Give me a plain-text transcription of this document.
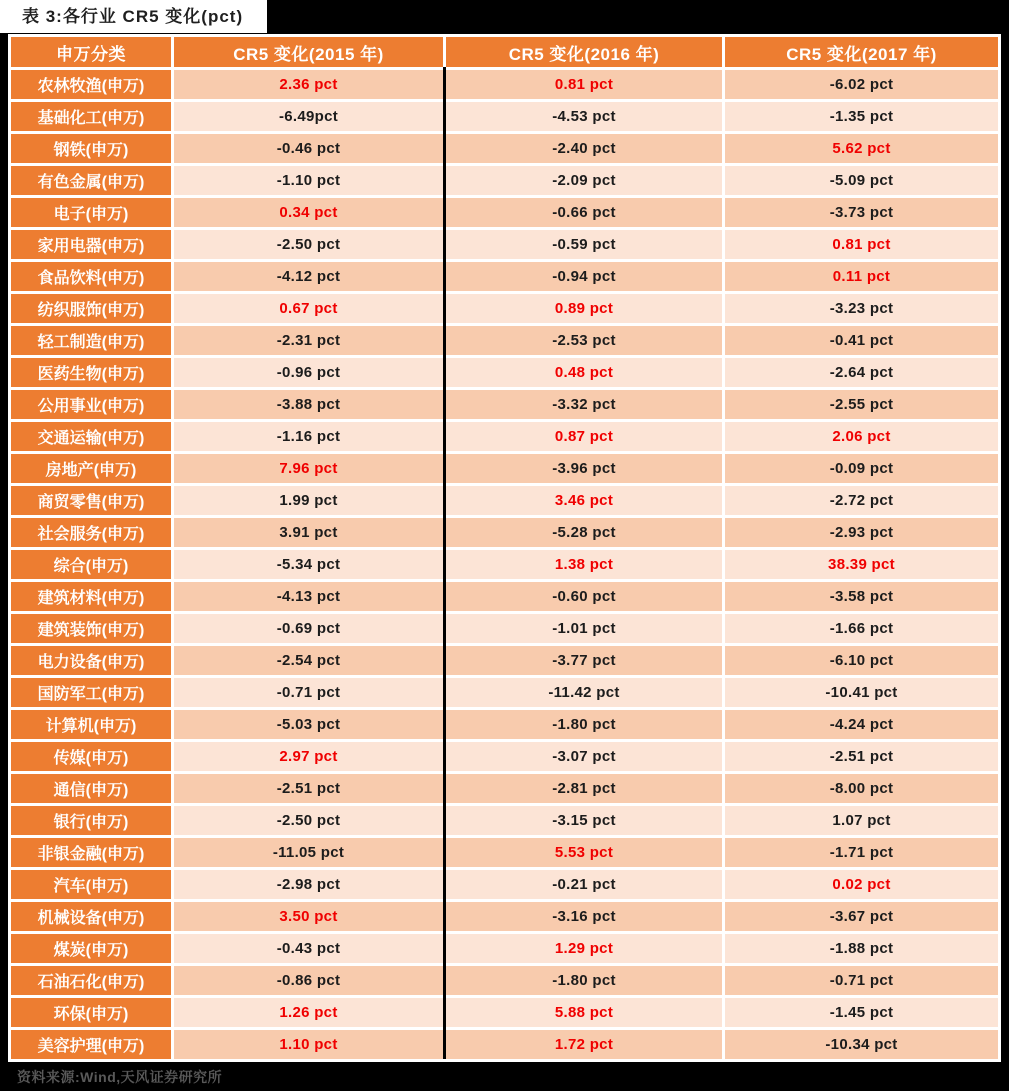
表 3:各行业 CR5 变化(pct)
申万分类	CR5 变化(2015 年)	CR5 变化(2016 年)	CR5 变化(2017 年)
农林牧渔(申万)	2.36 pct	0.81 pct	-6.02 pct
基础化工(申万)	-6.49pct	-4.53 pct	-1.35 pct
钢铁(申万)	-0.46 pct	-2.40 pct	5.62 pct
有色金属(申万)	-1.10 pct	-2.09 pct	-5.09 pct
电子(申万)	0.34 pct	-0.66 pct	-3.73 pct
家用电器(申万)	-2.50 pct	-0.59 pct	0.81 pct
食品饮料(申万)	-4.12 pct	-0.94 pct	0.11 pct
纺织服饰(申万)	0.67 pct	0.89 pct	-3.23 pct
轻工制造(申万)	-2.31 pct	-2.53 pct	-0.41 pct
医药生物(申万)	-0.96 pct	0.48 pct	-2.64 pct
公用事业(申万)	-3.88 pct	-3.32 pct	-2.55 pct
交通运输(申万)	-1.16 pct	0.87 pct	2.06 pct
房地产(申万)	7.96 pct	-3.96 pct	-0.09 pct
商贸零售(申万)	1.99 pct	3.46 pct	-2.72 pct
社会服务(申万)	3.91 pct	-5.28 pct	-2.93 pct
综合(申万)	-5.34 pct	1.38 pct	38.39 pct
建筑材料(申万)	-4.13 pct	-0.60 pct	-3.58 pct
建筑装饰(申万)	-0.69 pct	-1.01 pct	-1.66 pct
电力设备(申万)	-2.54 pct	-3.77 pct	-6.10 pct
国防军工(申万)	-0.71 pct	-11.42 pct	-10.41 pct
计算机(申万)	-5.03 pct	-1.80 pct	-4.24 pct
传媒(申万)	2.97 pct	-3.07 pct	-2.51 pct
通信(申万)	-2.51 pct	-2.81 pct	-8.00 pct
银行(申万)	-2.50 pct	-3.15 pct	1.07 pct
非银金融(申万)	-11.05 pct	5.53 pct	-1.71 pct
汽车(申万)	-2.98 pct	-0.21 pct	0.02 pct
机械设备(申万)	3.50 pct	-3.16 pct	-3.67 pct
煤炭(申万)	-0.43 pct	1.29 pct	-1.88 pct
石油石化(申万)	-0.86 pct	-1.80 pct	-0.71 pct
环保(申万)	1.26 pct	5.88 pct	-1.45 pct
美容护理(申万)	1.10 pct	1.72 pct	-10.34 pct
资料来源:Wind,天风证券研究所
